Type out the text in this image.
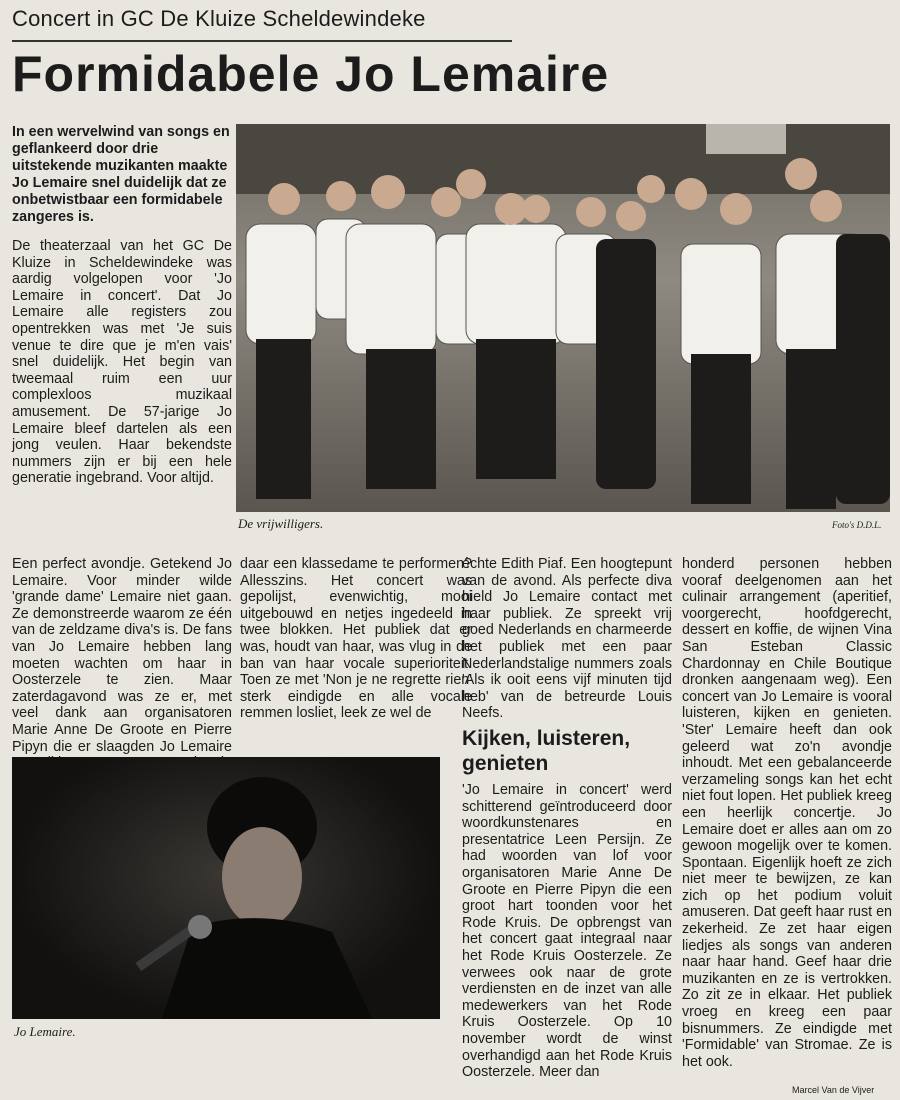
Concert in GC De Kluize Scheldewindeke
Formidabele Jo Lemaire
In een wervelwind van songs en geflankeerd door drie uitstekende muzikanten maakte Jo Lemaire snel duidelijk dat ze onbetwistbaar een formidabele zangeres is.

De theaterzaal van het GC De Kluize in Scheldewindeke was aardig volgelopen voor 'Jo Lemaire in concert'. Dat Jo Lemaire alle registers zou opentrekken was met 'Je suis venue te dire que je m'en vais' snel duidelijk. Het begin van tweemaal ruim een uur complexloos muzikaal amusement. De 57-jarige Jo Lemaire bleef dartelen als een jong veulen. Haar bekendste nummers zijn er bij een hele generatie ingebrand. Voor altijd.

Een perfect avondje. Getekend Jo Lemaire. Voor minder wilde 'grande dame' Lemaire niet gaan. Ze demonstreerde waarom ze één van de zeldzame diva's is. De fans van Jo Lemaire hebben lang moeten wachten om haar in Oosterzele te zien. Maar zaterdagavond was ze er, met veel dank aan organisatoren Marie Anne De Groote en Pierre Pipyn die er slaagden Jo Lemaire

De vrijwilligers.	Foto's D.D.L.

daar een klassedame te performen? Allesszins. Het concert was gepolijst, evenwichtig, mooi uitgebouwd en netjes ingedeeld in twee blokken. Het publiek dat er was, houdt van haar, was vlug in de ban van haar vocale superioriteit. Toen ze met 'Non je ne regrette rien' sterk eindigde en alle vocale remmen losliet, leek ze wel de

échte Edith Piaf. Een hoogtepunt van de avond. Als perfecte diva hield Jo Lemaire contact met haar publiek. Ze spreekt vrij goed Nederlands en charmeerde het publiek met een paar Nederlandstalige nummers zoals 'Als ik ooit eens vijf minuten tijd heb' van de betreurde Louis Neefs.

Kijken, luisteren, genieten

'Jo Lemaire in concert' werd schitterend geïntroduceerd door woordkunstenares en presentatrice Leen Persijn. Ze had woorden van lof voor organisatoren Marie Anne De Groote en Pierre Pipyn die een groot hart toonden voor het Rode Kruis. De opbrengst van het concert gaat integraal naar het Rode Kruis Oosterzele. Ze verwees ook naar de grote verdiensten en de inzet van alle medewerkers van het Rode Kruis Oosterzele. Op 10 november wordt de winst overhandigd aan het Rode Kruis Oosterzele. Meer dan

honderd personen hebben vooraf deelgenomen aan het culinair arrangement (aperitief, voorgerecht, hoofdgerecht, dessert en koffie, de wijnen Vina San Esteban Classic Chardonnay en Chile Boutique dronken aangenaam weg). Een concert van Jo Lemaire is vooral luisteren, kijken en genieten. 'Ster' Lemaire heeft dan ook geleerd wat zo'n avondje inhoudt. Met een gebalanceerde verzameling songs kan het echt niet fout lopen. Het publiek kreeg een heerlijk concertje. Jo Lemaire doet er alles aan om zo gewoon mogelijk over te komen. Spontaan. Eigenlijk hoeft ze zich niet meer te bewijzen, ze kan zich op het podium voluit amuseren. Dat geeft haar rust en zekerheid. Ze zet haar eigen liedjes als songs van anderen naar haar hand. Geef haar drie muzikanten en ze is vertrokken. Zo zit ze in elkaar. Het publiek vroeg en kreeg een paar bisnummers. Ze eindigde met 'Formidable' van Stromae. Ze is het ook.

Jo Lemaire.
Marcel Van de Vijver
